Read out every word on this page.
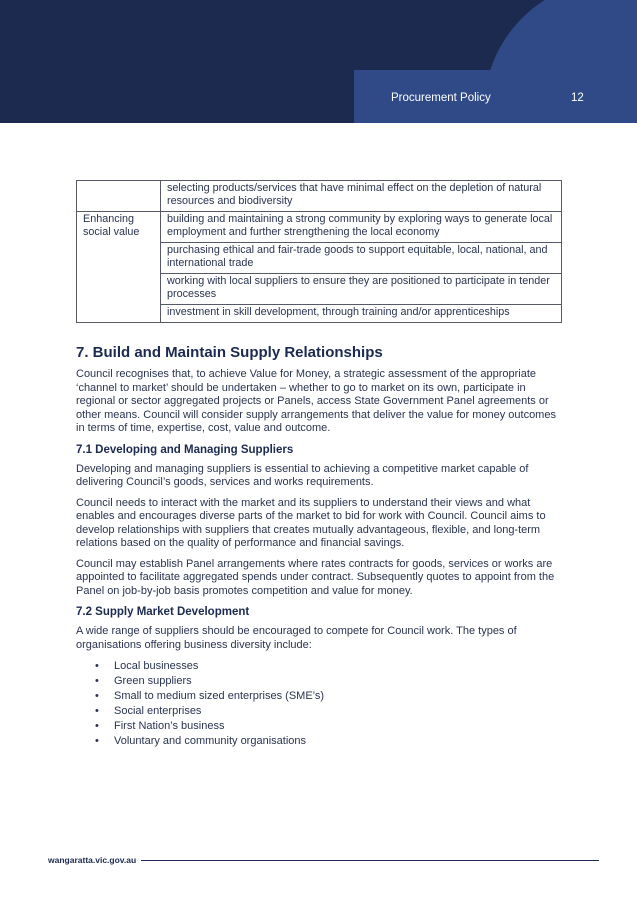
Procurement Policy	12
	selecting products/services that have minimal effect on the depletion of natural resources and biodiversity
Enhancing social value	building and maintaining a strong community by exploring ways to generate local employment and further strengthening the local economy
	purchasing ethical and fair-trade goods to support equitable, local, national, and international trade
	working with local suppliers to ensure they are positioned to participate in tender processes
	investment in skill development, through training and/or apprenticeships
7. Build and Maintain Supply Relationships

Council recognises that, to achieve Value for Money, a strategic assessment of the appropriate ‘channel to market’ should be undertaken – whether to go to market on its own, participate in regional or sector aggregated projects or Panels, access State Government Panel agreements or other means. Council will consider supply arrangements that deliver the value for money outcomes in terms of time, expertise, cost, value and outcome.

7.1 Developing and Managing Suppliers

Developing and managing suppliers is essential to achieving a competitive market capable of delivering Council’s goods, services and works requirements.

Council needs to interact with the market and its suppliers to understand their views and what enables and encourages diverse parts of the market to bid for work with Council. Council aims to develop relationships with suppliers that creates mutually advantageous, flexible, and long-term relations based on the quality of performance and financial savings.

Council may establish Panel arrangements where rates contracts for goods, services or works are appointed to facilitate aggregated spends under contract. Subsequently quotes to appoint from the Panel on job-by-job basis promotes competition and value for money.

7.2 Supply Market Development

A wide range of suppliers should be encouraged to compete for Council work. The types of organisations offering business diversity include:

• Local businesses
• Green suppliers
• Small to medium sized enterprises (SME’s)
• Social enterprises
• First Nation’s business
• Voluntary and community organisations
wangaratta.vic.gov.au
